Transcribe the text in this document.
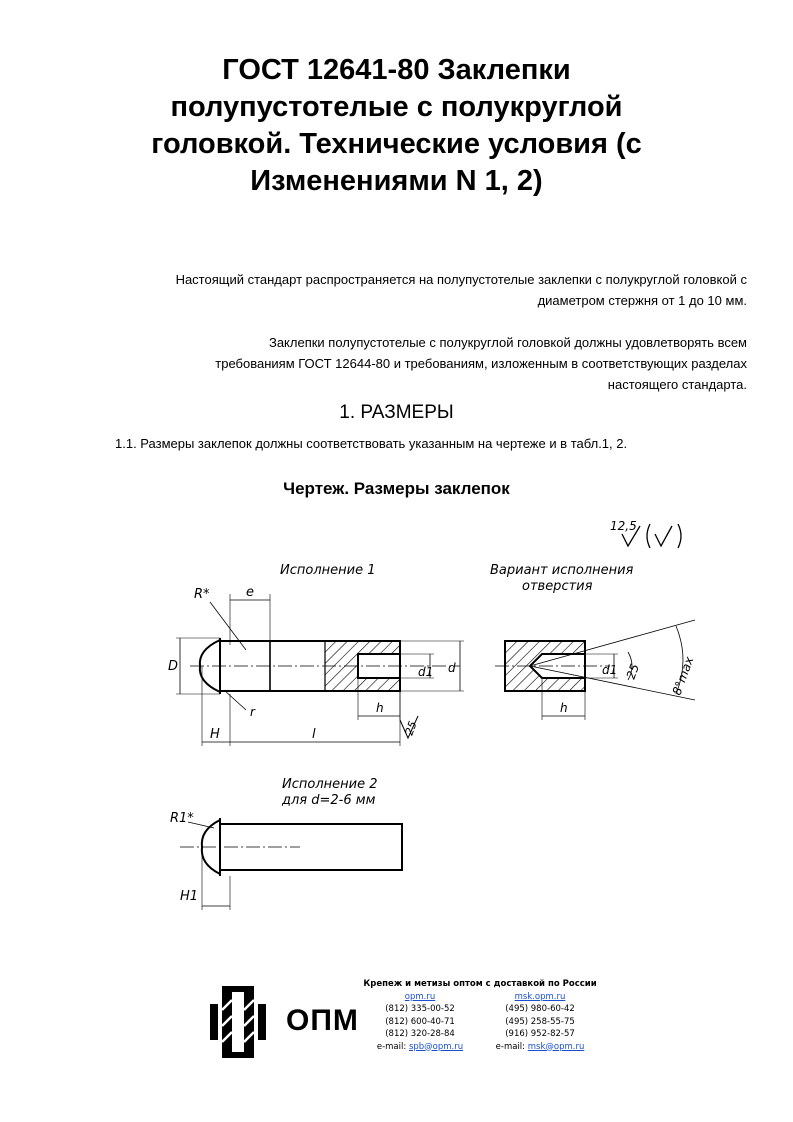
ГОСТ 12641-80 Заклепки
полупустотелые с полукруглой
головкой. Технические условия (с
Изменениями N 1, 2)
Настоящий стандарт распространяется на полупустотелые заклепки с полукруглой головкой с
диаметром стержня от 1 до 10 мм.
Заклепки полупустотелые с полукруглой головкой должны удовлетворять всем
требованиям ГОСТ 12644-80 и требованиям, изложенным в соответствующих разделах
настоящего стандарта.
1. РАЗМЕРЫ
1.1. Размеры заклепок должны соответствовать указанным на чертеже и в табл.1, 2.
Чертеж. Размеры заклепок
12,5
Исполнение 1
D	d1 d
R*	e
r	h
H	l	25
Вариант исполнения
отверстия
d1
h
25 8°max
Исполнение 2
для d=2-6 мм
R1*
H1
ОПМ
Крепеж и метизы оптом с доставкой по России
opm.ru	msk.opm.ru
(812) 335-00-52	(495) 980-60-42
(812) 600-40-71	(495) 258-55-75
(812) 320-28-84	(916) 952-82-57
e-mail: spb@opm.ru	e-mail: msk@opm.ru
